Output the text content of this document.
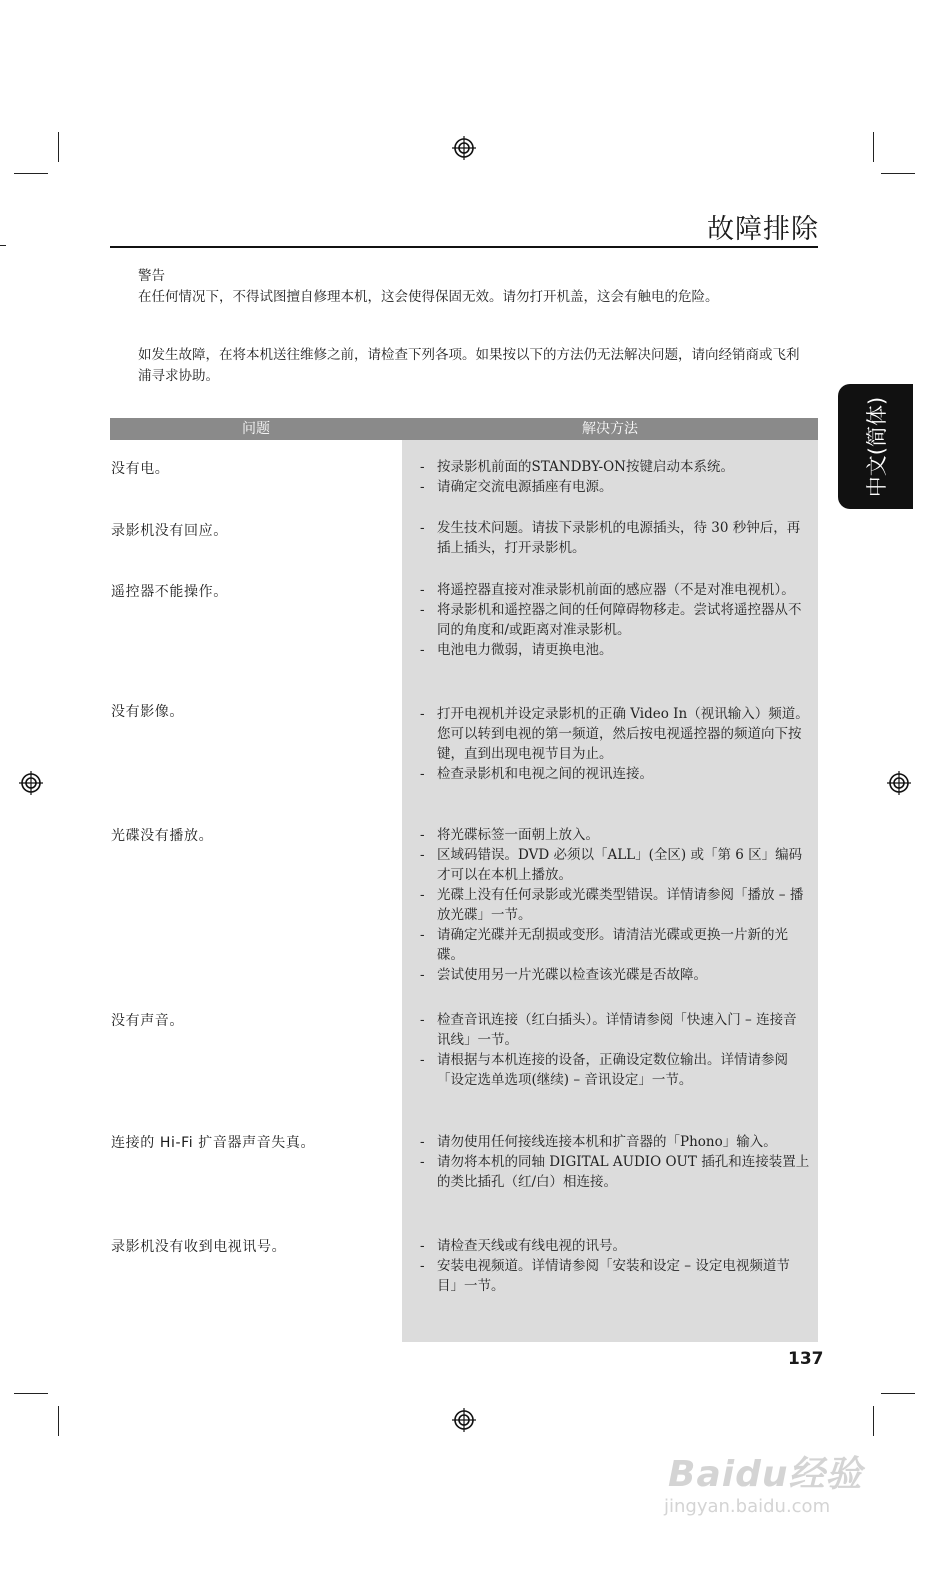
故障排除
中文(简体)
警告
在任何情况下，不得试图擅自修理本机，这会使得保固无效。请勿打开机盖，这会有触电的危险。
如发生故障，在将本机送往维修之前，请检查下列各项。如果按以下的方法仍无法解决问题，请向经销商或飞利浦寻求协助。
问题	解决方法
没有电。	- 按录影机前面的STANDBY-ON按键启动本系统。
- 请确定交流电源插座有电源。
录影机没有回应。	- 发生技术问题。请拔下录影机的电源插头，待 30 秒钟后，再插上插头，打开录影机。
遥控器不能操作。	- 将遥控器直接对准录影机前面的感应器（不是对准电视机）。
- 将录影机和遥控器之间的任何障碍物移走。尝试将遥控器从不同的角度和/或距离对准录影机。
- 电池电力微弱，请更换电池。
没有影像。	- 打开电视机并设定录影机的正确 Video In（视讯输入）频道。您可以转到电视的第一频道，然后按电视遥控器的频道向下按键，直到出现电视节目为止。
- 检查录影机和电视之间的视讯连接。
光碟没有播放。	- 将光碟标签一面朝上放入。
- 区域码错误。DVD 必须以「ALL」(全区) 或「第 6 区」编码才可以在本机上播放。
- 光碟上没有任何录影或光碟类型错误。详情请参阅「播放 – 播放光碟」一节。
- 请确定光碟并无刮损或变形。请清洁光碟或更换一片新的光碟。
- 尝试使用另一片光碟以检查该光碟是否故障。
没有声音。	- 检查音讯连接（红白插头）。详情请参阅「快速入门 – 连接音讯线」一节。
- 请根据与本机连接的设备，正确设定数位输出。详情请参阅「设定选单选项(继续) – 音讯设定」一节。
连接的 Hi-Fi 扩音器声音失真。	- 请勿使用任何接线连接本机和扩音器的「Phono」输入。
- 请勿将本机的同轴 DIGITAL AUDIO OUT 插孔和连接装置上的类比插孔（红/白）相连接。
录影机没有收到电视讯号。	- 请检查天线或有线电视的讯号。
- 安装电视频道。详情请参阅「安装和设定 – 设定电视频道节目」一节。
137
Baidu经验
jingyan.baidu.com
